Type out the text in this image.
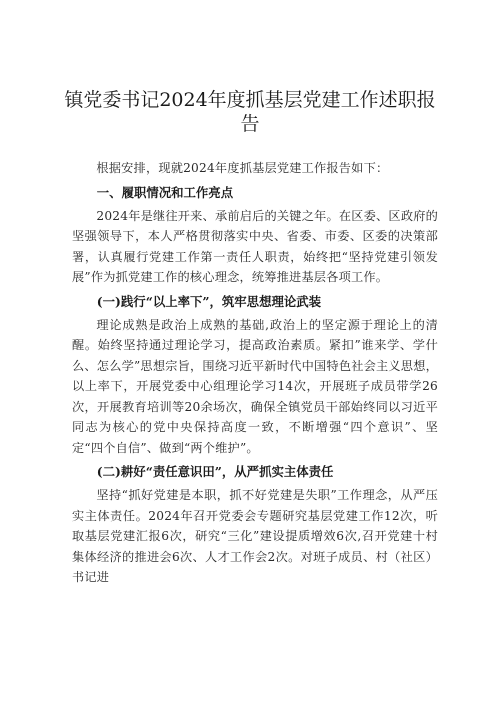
镇党委书记2024年度抓基层党建工作述职报告

根据安排，现就2024年度抓基层党建工作报告如下：

一、履职情况和工作亮点

2024年是继往开来、承前启后的关键之年。在区委、区政府的坚强领导下，本人严格贯彻落实中央、省委、市委、区委的决策部署，认真履行党建工作第一责任人职责，始终把“坚持党建引领发展”作为抓党建工作的核心理念，统筹推进基层各项工作。

(一)践行“以上率下”，筑牢思想理论武装

理论成熟是政治上成熟的基础,政治上的坚定源于理论上的清醒。始终坚持通过理论学习，提高政治素质。紧扣”谁来学、学什么、怎么学”思想宗旨，围绕习近平新时代中国特色社会主义思想，以上率下，开展党委中心组理论学习14次，开展班子成员带学26次，开展教育培训等20余场次，确保全镇党员干部始终同以习近平同志为核心的党中央保持高度一致，不断增强“四个意识”、坚定“四个自信”、做到“两个维护”。

(二)耕好“责任意识田”，从严抓实主体责任

坚持“抓好党建是本职，抓不好党建是失职”工作理念，从严压实主体责任。2024年召开党委会专题研究基层党建工作12次，听取基层党建汇报6次，研究“三化”建设提质增效6次,召开党建十村集体经济的推进会6次、人才工作会2次。对班子成员、村（社区）书记进
